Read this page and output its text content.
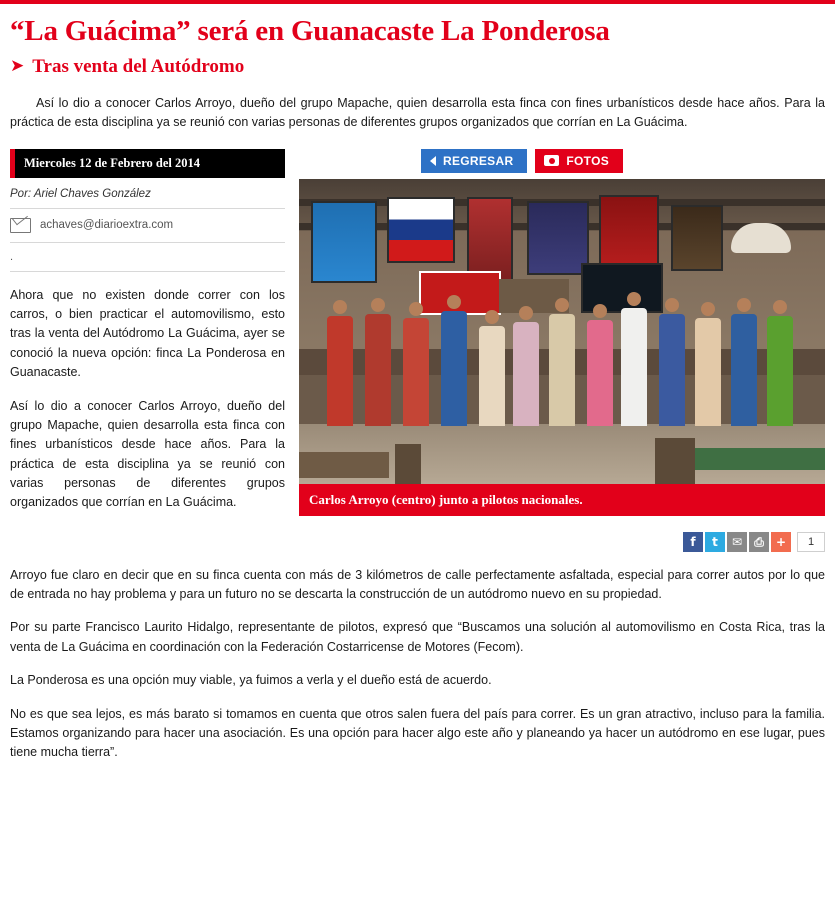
“La Guácima” será en Guanacaste La Ponderosa
➤ Tras venta del Autódromo

Así lo dio a conocer Carlos Arroyo, dueño del grupo Mapache, quien desarrolla esta finca con fines urbanísticos desde hace años. Para la práctica de esta disciplina ya se reunió con varias personas de diferentes grupos organizados que corrían en La Guácima.

Miercoles 12 de Febrero del 2014
Por: Ariel Chaves González
achaves@diarioextra.com
.

Ahora que no existen donde correr con los carros, o bien practicar el automovilismo, esto tras la venta del Autódromo La Guácima, ayer se conoció la nueva opción: finca La Ponderosa en Guanacaste.

Así lo dio a conocer Carlos Arroyo, dueño del grupo Mapache, quien desarrolla esta finca con fines urbanísticos desde hace años. Para la práctica de esta disciplina ya se reunió con varias personas de diferentes grupos organizados que corrían en La Guácima.

REGRESAR	FOTOS
Carlos Arroyo (centro) junto a pilotos nacionales.
f	t	✉	⎙	+	1

Arroyo fue claro en decir que en su finca cuenta con más de 3 kilómetros de calle perfectamente asfaltada, especial para correr autos por lo que de entrada no hay problema y para un futuro no se descarta la construcción de un autódromo nuevo en su propiedad.

Por su parte Francisco Laurito Hidalgo, representante de pilotos, expresó que “Buscamos una solución al automovilismo en Costa Rica, tras la venta de La Guácima en coordinación con la Federación Costarricense de Motores (Fecom).

La Ponderosa es una opción muy viable, ya fuimos a verla y el dueño está de acuerdo.

No es que sea lejos, es más barato si tomamos en cuenta que otros salen fuera del país para correr. Es un gran atractivo, incluso para la familia. Estamos organizando para hacer una asociación. Es una opción para hacer algo este año y planeando ya hacer un autódromo en ese lugar, pues tiene mucha tierra”.
